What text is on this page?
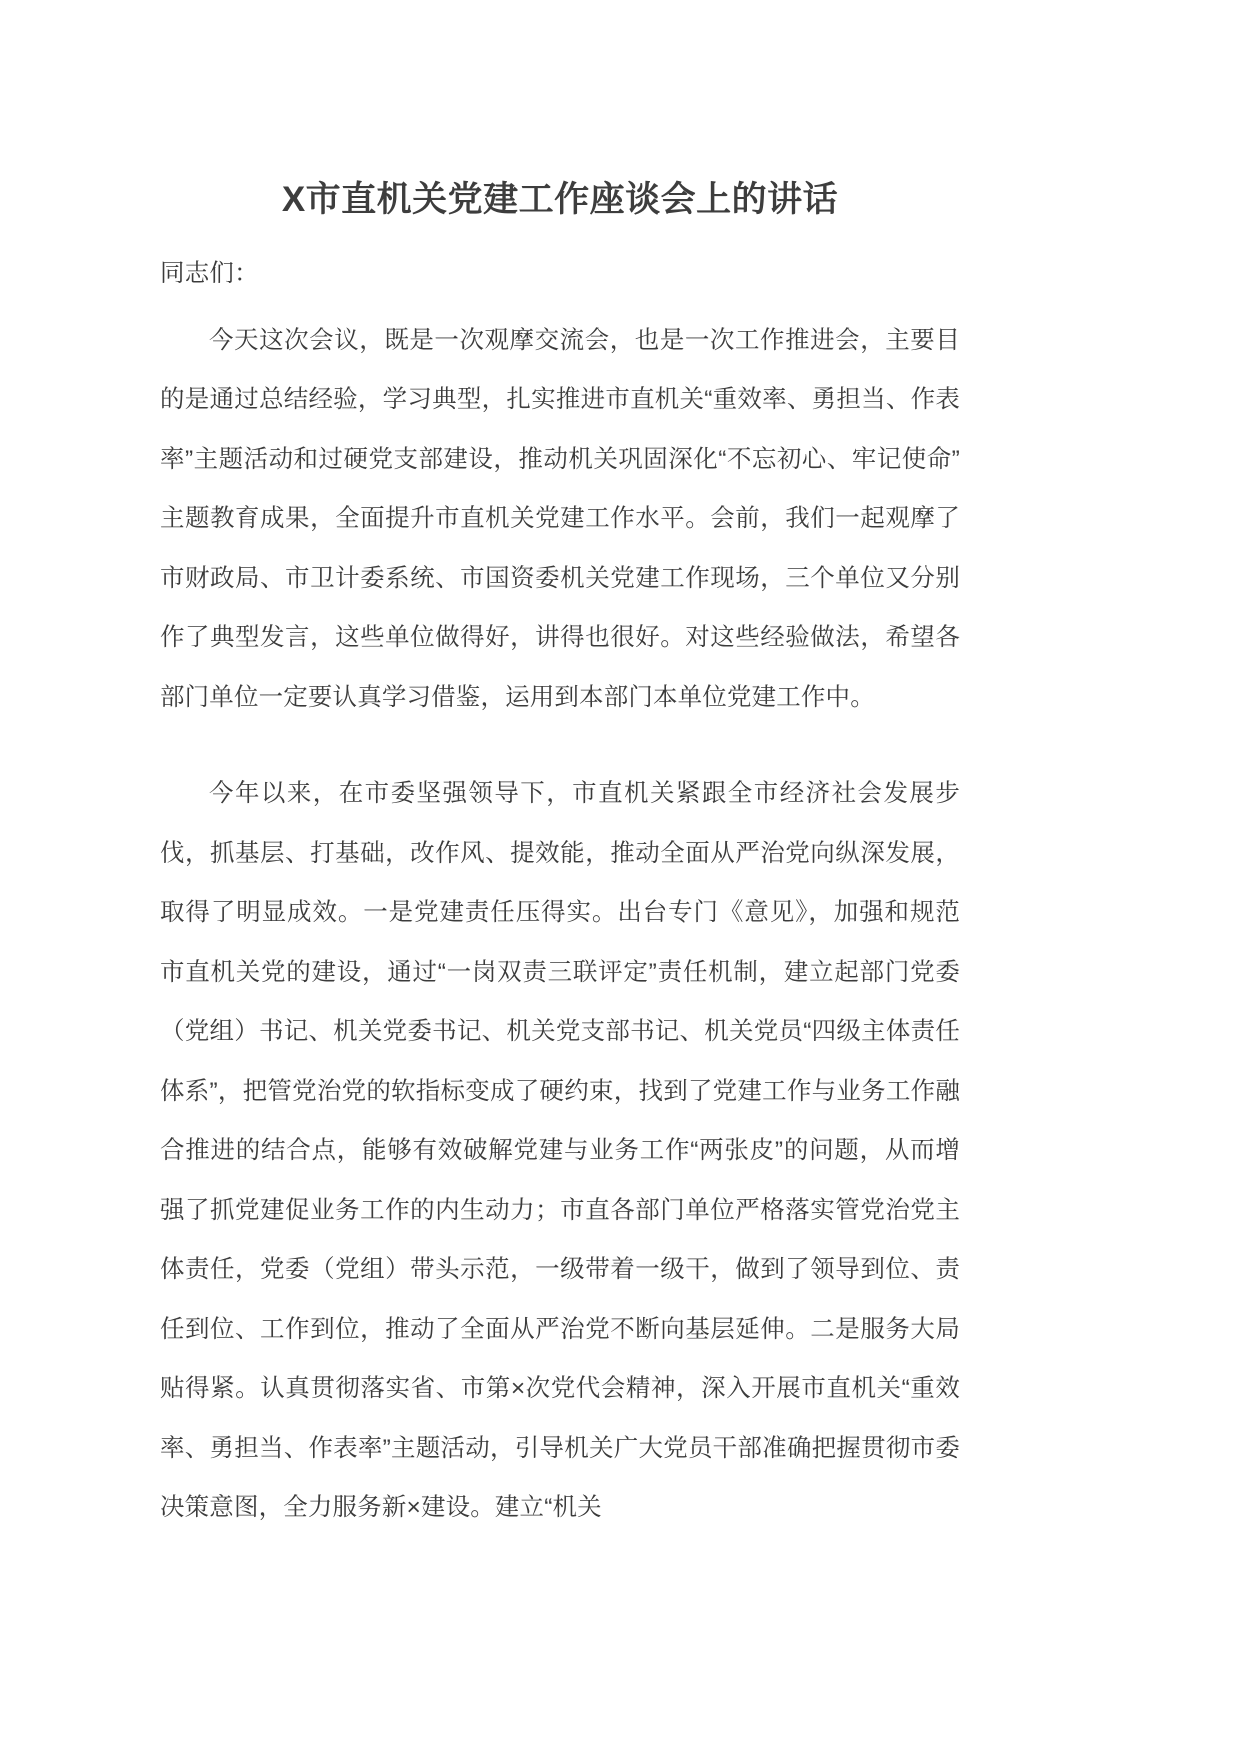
X市直机关党建工作座谈会上的讲话

同志们：

今天这次会议，既是一次观摩交流会，也是一次工作推进会，主要目的是通过总结经验，学习典型，扎实推进市直机关“重效率、勇担当、作表率”主题活动和过硬党支部建设，推动机关巩固深化“不忘初心、牢记使命”主题教育成果，全面提升市直机关党建工作水平。会前，我们一起观摩了市财政局、市卫计委系统、市国资委机关党建工作现场，三个单位又分别作了典型发言，这些单位做得好，讲得也很好。对这些经验做法，希望各部门单位一定要认真学习借鉴，运用到本部门本单位党建工作中。

今年以来，在市委坚强领导下，市直机关紧跟全市经济社会发展步伐，抓基层、打基础，改作风、提效能，推动全面从严治党向纵深发展，取得了明显成效。一是党建责任压得实。出台专门《意见》，加强和规范市直机关党的建设，通过“一岗双责三联评定”责任机制，建立起部门党委（党组）书记、机关党委书记、机关党支部书记、机关党员“四级主体责任体系”，把管党治党的软指标变成了硬约束，找到了党建工作与业务工作融合推进的结合点，能够有效破解党建与业务工作“两张皮”的问题，从而增强了抓党建促业务工作的内生动力；市直各部门单位严格落实管党治党主体责任，党委（党组）带头示范，一级带着一级干，做到了领导到位、责任到位、工作到位，推动了全面从严治党不断向基层延伸。二是服务大局贴得紧。认真贯彻落实省、市第×次党代会精神，深入开展市直机关“重效率、勇担当、作表率”主题活动，引导机关广大党员干部准确把握贯彻市委决策意图，全力服务新×建设。建立“机关
